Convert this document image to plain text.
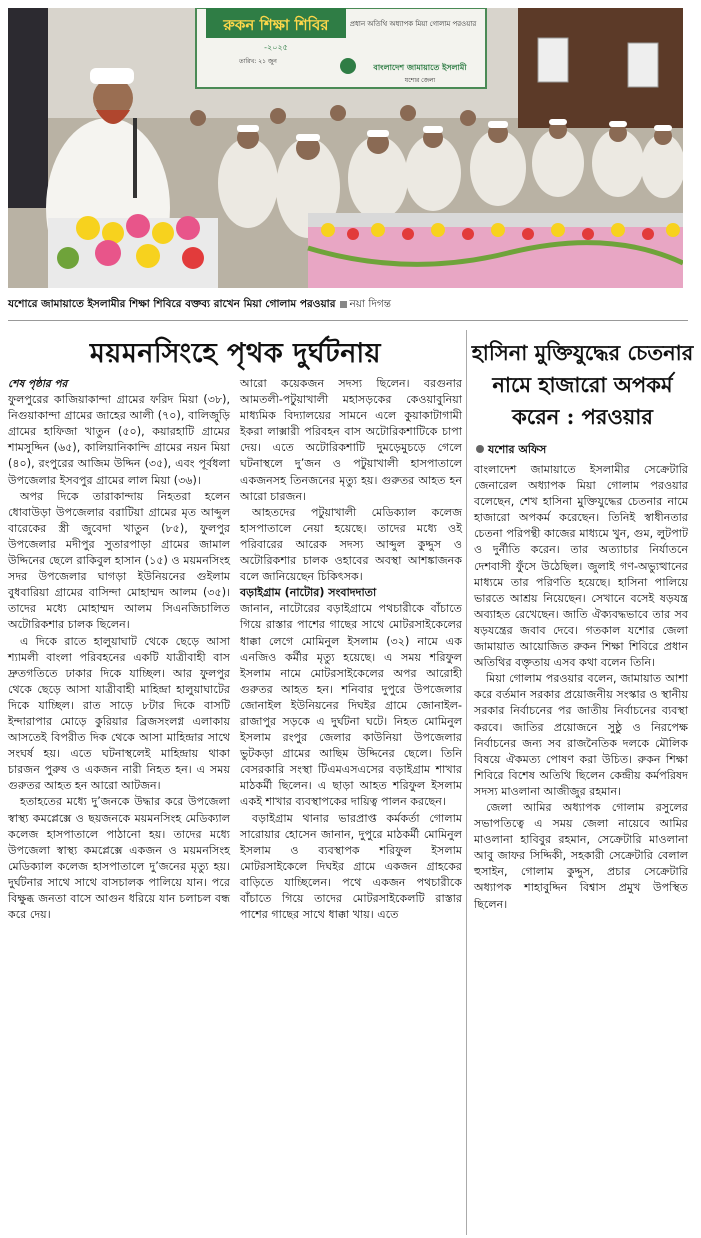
রুকন শিক্ষা শিবির
-২০২৫
প্রধান অতিথি অধ্যাপক মিয়া গোলাম পরওয়ার
তারিখ: ২১ জুন
বাংলাদেশ জামায়াতে ইসলামী
যশোর জেলা
যশোরে জামায়াতে ইসলামীর শিক্ষা শিবিরে বক্তব্য রাখেন মিয়া গোলাম পরওয়ার নয়া দিগন্ত
ময়মনসিংহে পৃথক দুর্ঘটনায়

শেষ পৃষ্ঠার পর

ফুলপুরের কাজিয়াকান্দা গ্রামের ফরিদ মিয়া (৩৮), নিগুয়াকান্দা গ্রামের জাহের আলী (৭০), বালিজুড়ি গ্রামের হাফিজা খাতুন (৫০), কয়ারহাটি গ্রামের শামসুদ্দিন (৬৫), কালিয়ানিকান্দি গ্রামের নয়ন মিয়া (৪০), রংপুরের আজিম উদ্দিন (৩৫), এবং পূর্বধলা উপজেলার ইসবপুর গ্রামের লাল মিয়া (৩৬)।

অপর দিকে তারাকান্দায় নিহতরা হলেন ধোবাউড়া উপজেলার বরাটিয়া গ্রামের মৃত আব্দুল বারেকের স্ত্রী জুবেদা খাতুন (৮৫), ফুলপুর উপজেলার মদীপুর সুতারপাড়া গ্রামের জামাল উদ্দিনের ছেলে রাকিবুল হাসান (১৫) ও ময়মনসিংহ সদর উপজেলার ঘাগড়া ইউনিয়নের গুইলাম বুধবারিয়া গ্রামের বাসিন্দা মোহাম্মদ আলম (৩৫)। তাদের মধ্যে মোহাম্মদ আলম সিএনজিচালিত অটোরিকশার চালক ছিলেন।

এ দিকে রাতে হালুয়াঘাট থেকে ছেড়ে আসা শ্যামলী বাংলা পরিবহনের একটি যাত্রীবাহী বাস দ্রুতগতিতে ঢাকার দিকে যাচ্ছিল। আর ফুলপুর থেকে ছেড়ে আসা যাত্রীবাহী মাহিন্দ্রা হালুয়াঘাটের দিকে যাচ্ছিল। রাত সাড়ে ৮টার দিকে বাসটি ইন্দারাপার মোড়ে কুরিয়ার ব্রিজসংলগ্ন এলাকায় আসতেই বিপরীত দিক থেকে আসা মাহিন্দ্রার সাথে সংঘর্ষ হয়। এতে ঘটনাস্থলেই মাহিন্দ্রায় থাকা চারজন পুরুষ ও একজন নারী নিহত হন। এ সময় গুরুতর আহত হন আরো আটজন।

হতাহতের মধ্যে দু’জনকে উদ্ধার করে উপজেলা স্বাস্থ্য কমপ্লেক্সে ও ছয়জনকে ময়মনসিংহ মেডিক্যাল কলেজ হাসপাতালে পাঠানো হয়। তাদের মধ্যে উপজেলা স্বাস্থ্য কমপ্লেক্সে একজন ও ময়মনসিংহ মেডিক্যাল কলেজ হাসপাতালে দু’জনের মৃত্যু হয়। দুর্ঘটনার সাথে সাথে বাসচালক পালিয়ে যান। পরে বিক্ষুব্ধ জনতা বাসে আগুন ধরিয়ে যান চলাচল বন্ধ করে দেয়।

আরো কয়েকজন সদস্য ছিলেন। বরগুনার আমতলী-পটুয়াখালী মহাসড়কের কেওয়াবুনিয়া মাধ্যমিক বিদ্যালয়ের সামনে এলে কুয়াকাটাগামী ইকরা লাক্সারী পরিবহন বাস অটোরিকশাটিকে চাপা দেয়। এতে অটোরিকশাটি দুমড়েমুচড়ে গেলে ঘটনাস্থলে দু’জন ও পটুয়াখালী হাসপাতালে একজনসহ তিনজনের মৃত্যু হয়। গুরুতর আহত হন আরো চারজন।

আহতদের পটুয়াখালী মেডিক্যাল কলেজ হাসপাতালে নেয়া হয়েছে। তাদের মধ্যে ওই পরিবারের আরেক সদস্য আব্দুল কুদ্দুস ও অটোরিকশার চালক ওহাবের অবস্থা আশঙ্কাজনক বলে জানিয়েছেন চিকিৎসক।

বড়াইগ্রাম (নাটোর) সংবাদদাতা

জানান, নাটোরের বড়াইগ্রামে পথচারীকে বাঁচাতে গিয়ে রাস্তার পাশের গাছের সাথে মোটরসাইকেলের ধাক্কা লেগে মোমিনুল ইসলাম (৩২) নামে এক এনজিও কর্মীর মৃত্যু হয়েছে। এ সময় শরিফুল ইসলাম নামে মোটরসাইকেলের অপর আরোহী গুরুতর আহত হন। শনিবার দুপুরে উপজেলার জোনাইল ইউনিয়নের দিঘইর গ্রামে জোনাইল-রাজাপুর সড়কে এ দুর্ঘটনা ঘটে। নিহত মোমিনুল ইসলাম রংপুর জেলার কাউনিয়া উপজেলার ভুটকড়া গ্রামের আছিম উদ্দিনের ছেলে। তিনি বেসরকারি সংস্থা টিএমএসএসের বড়াইগ্রাম শাখার মাঠকর্মী ছিলেন। এ ছাড়া আহত শরিফুল ইসলাম একই শাখার ব্যবস্থাপকের দায়িত্ব পালন করছেন।

বড়াইগ্রাম থানার ভারপ্রাপ্ত কর্মকর্তা গোলাম সারোয়ার হোসেন জানান, দুপুরে মাঠকর্মী মোমিনুল ইসলাম ও ব্যবস্থাপক শরিফুল ইসলাম মোটরসাইকেলে দিঘইর গ্রামে একজন গ্রাহকের বাড়িতে যাচ্ছিলেন। পথে একজন পথচারীকে বাঁচাতে গিয়ে তাদের মোটরসাইকেলটি রাস্তার পাশের গাছের সাথে ধাক্কা খায়। এতে

হাসিনা মুক্তিযুদ্ধের চেতনার নামে হাজারো অপকর্ম করেন : পরওয়ার
যশোর অফিস

বাংলাদেশ জামায়াতে ইসলামীর সেক্রেটারি জেনারেল অধ্যাপক মিয়া গোলাম পরওয়ার বলেছেন, শেখ হাসিনা মুক্তিযুদ্ধের চেতনার নামে হাজারো অপকর্ম করেছেন। তিনিই স্বাধীনতার চেতনা পরিপন্থী কাজের মাধ্যমে খুন, গুম, লুটপাট ও দুর্নীতি করেন। তার অত্যাচার নির্যাতনে দেশবাসী ফুঁসে উঠেছিল। জুলাই গণ-অভ্যুত্থানের মাধ্যমে তার পরিণতি হয়েছে। হাসিনা পালিয়ে ভারতে আশ্রয় নিয়েছেন। সেখানে বসেই ষড়যন্ত্র অব্যাহত রেখেছেন। জাতি ঐক্যবদ্ধভাবে তার সব ষড়যন্ত্রের জবাব দেবে। গতকাল যশোর জেলা জামায়াত আয়োজিত রুকন শিক্ষা শিবিরে প্রধান অতিথির বক্তৃতায় এসব কথা বলেন তিনি।

মিয়া গোলাম পরওয়ার বলেন, জামায়াত আশা করে বর্তমান সরকার প্রয়োজনীয় সংস্কার ও স্থানীয় সরকার নির্বাচনের পর জাতীয় নির্বাচনের ব্যবস্থা করবে। জাতির প্রয়োজনে সুষ্ঠু ও নিরপেক্ষ নির্বাচনের জন্য সব রাজনৈতিক দলকে মৌলিক বিষয়ে ঐকমত্য পোষণ করা উচিত। রুকন শিক্ষা শিবিরে বিশেষ অতিথি ছিলেন কেন্দ্রীয় কর্মপরিষদ সদস্য মাওলানা আজীজুর রহমান।

জেলা আমির অধ্যাপক গোলাম রসুলের সভাপতিত্বে এ সময় জেলা নায়েবে আমির মাওলানা হাবিবুর রহমান, সেক্রেটারি মাওলানা আবু জাফর সিদ্দিকী, সহকারী সেক্রেটারি বেলাল হুসাইন, গোলাম কুদ্দুস, প্রচার সেক্রেটারি অধ্যাপক শাহাবুদ্দিন বিশ্বাস প্রমুখ উপস্থিত ছিলেন।
